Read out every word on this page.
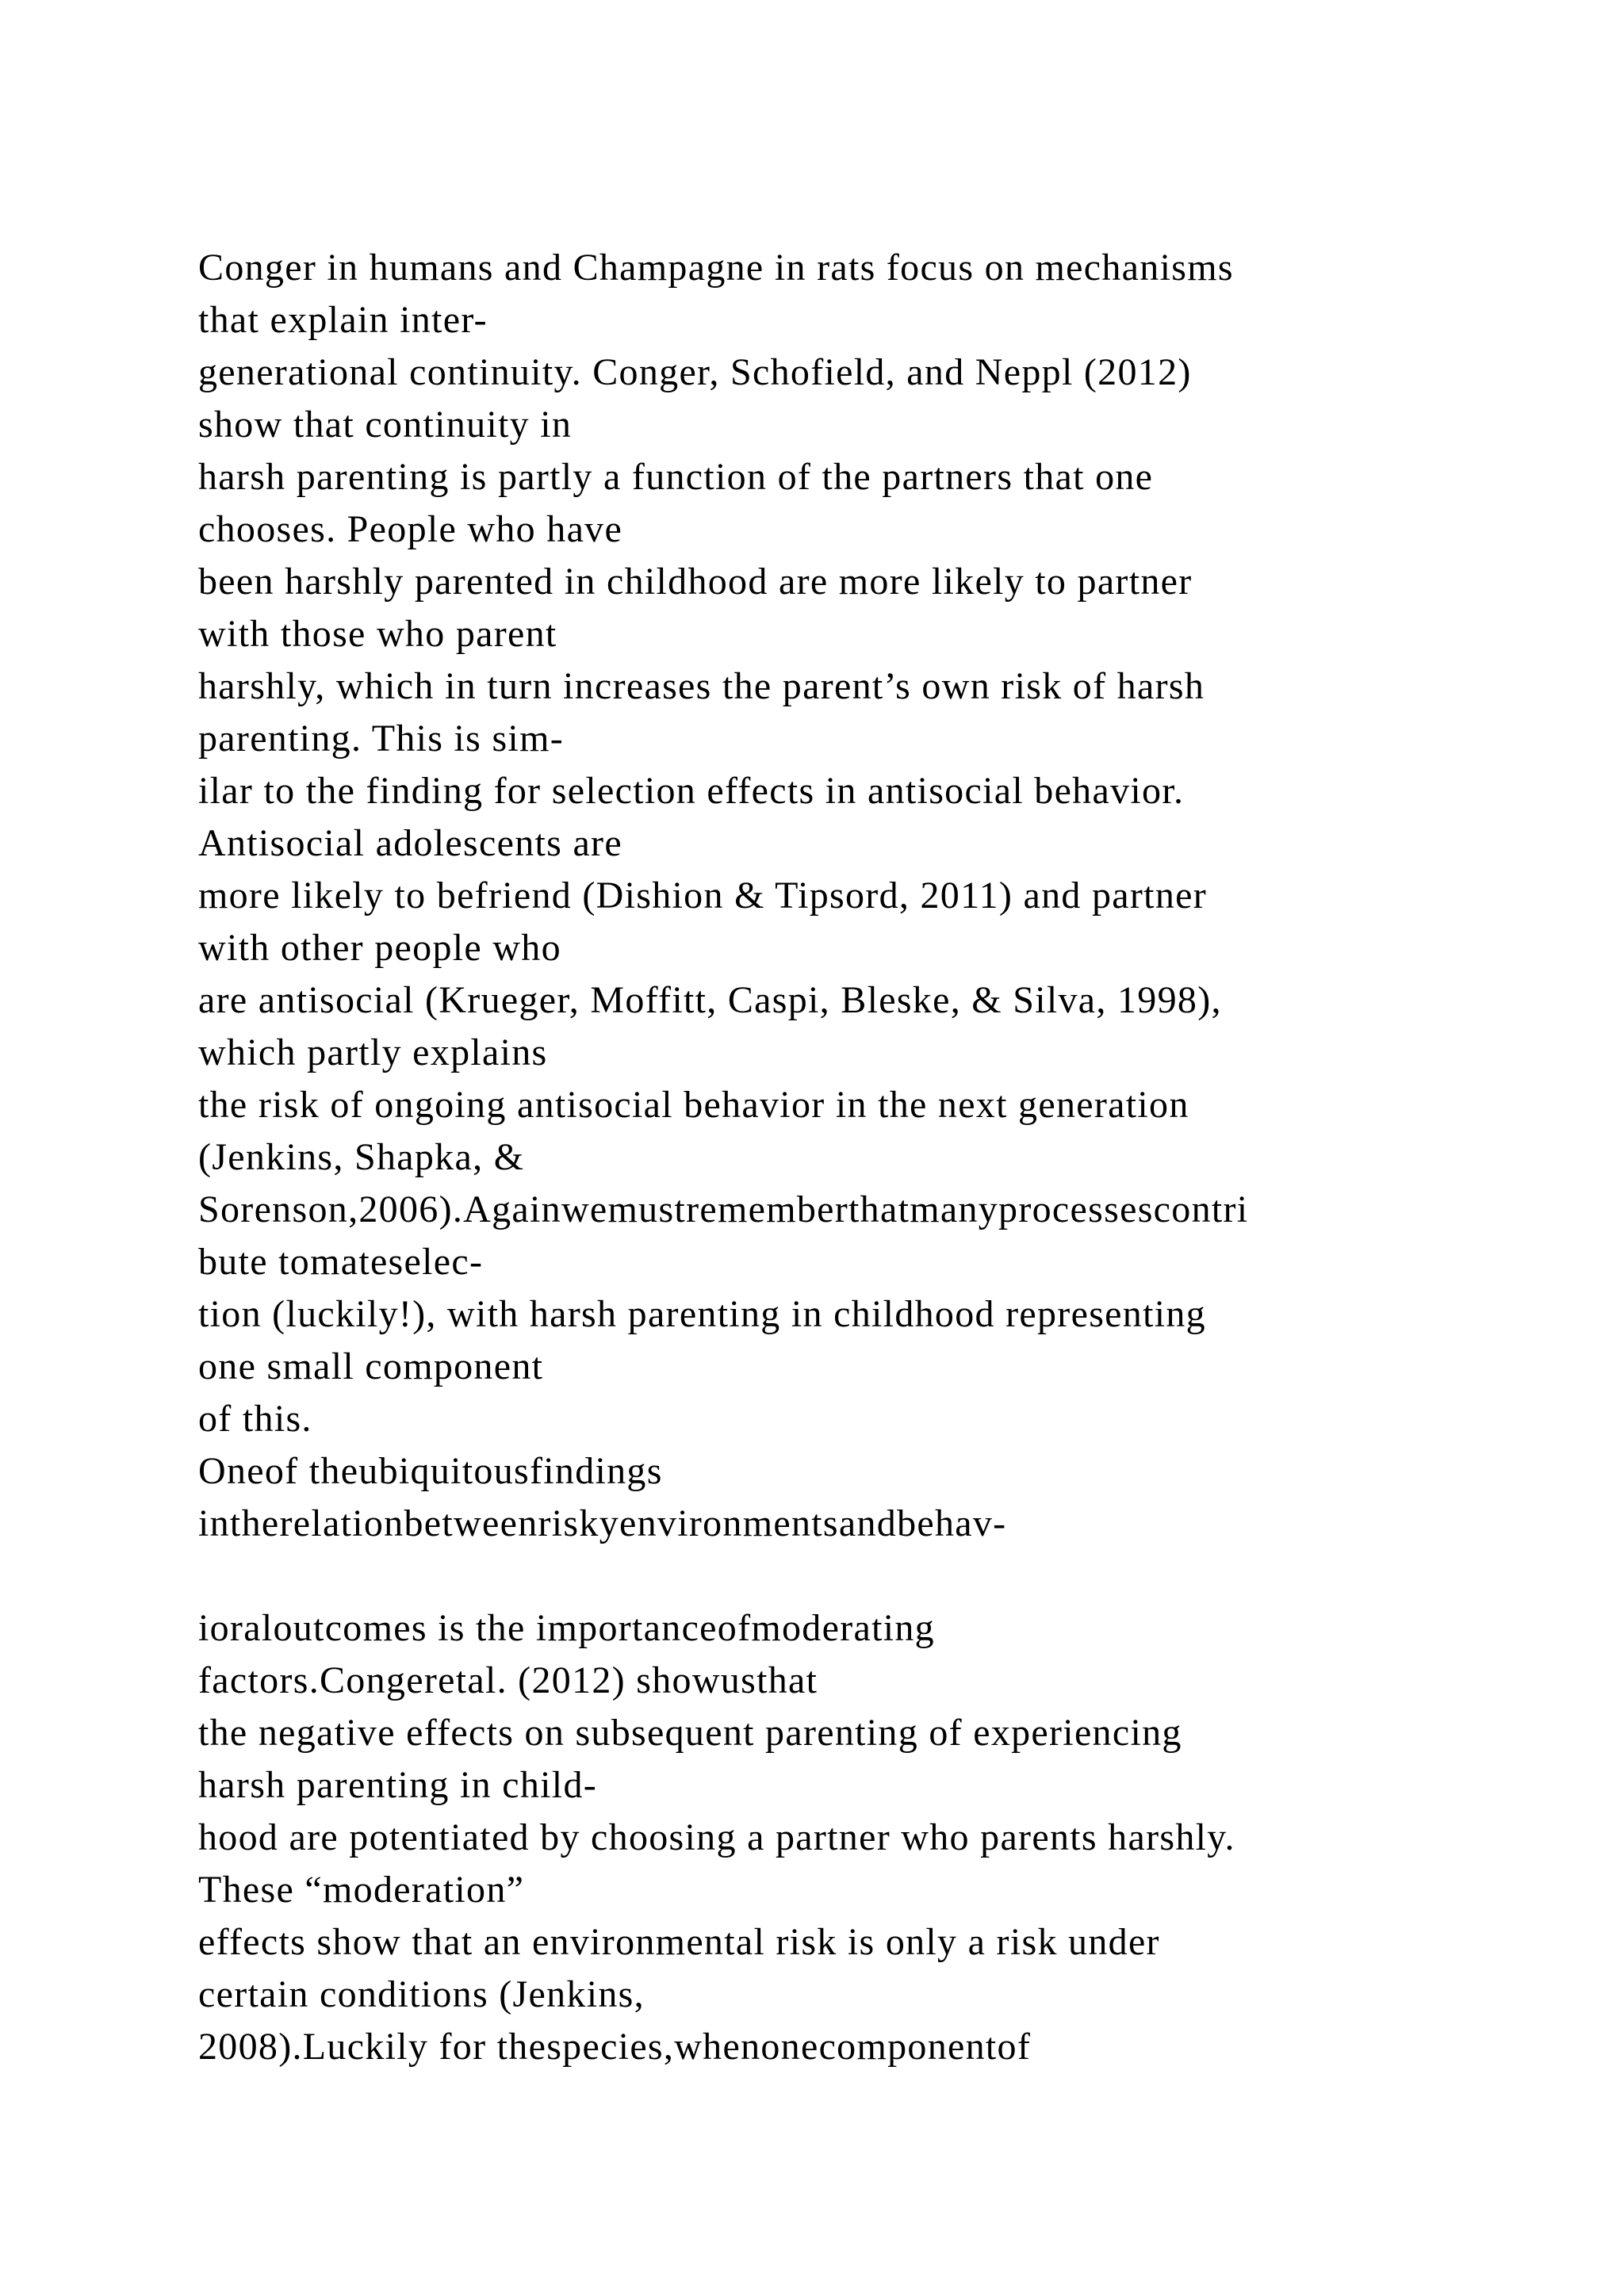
Conger in humans and Champagne in rats focus on mechanisms
that explain inter-
generational continuity. Conger, Schofield, and Neppl (2012)
show that continuity in
harsh parenting is partly a function of the partners that one
chooses. People who have
been harshly parented in childhood are more likely to partner
with those who parent
harshly, which in turn increases the parent’s own risk of harsh
parenting. This is sim-
ilar to the finding for selection effects in antisocial behavior.
Antisocial adolescents are
more likely to befriend (Dishion & Tipsord, 2011) and partner
with other people who
are antisocial (Krueger, Moffitt, Caspi, Bleske, & Silva, 1998),
which partly explains
the risk of ongoing antisocial behavior in the next generation
(Jenkins, Shapka, &
Sorenson,2006).Againwemustrememberthatmanyprocessescontri
bute tomateselec-
tion (luckily!), with harsh parenting in childhood representing
one small component
of this.
Oneof theubiquitousfindings
intherelationbetweenriskyenvironmentsandbehav-
ioraloutcomes is the importanceofmoderating
factors.Congeretal. (2012) showusthat
the negative effects on subsequent parenting of experiencing
harsh parenting in child-
hood are potentiated by choosing a partner who parents harshly.
These “moderation”
effects show that an environmental risk is only a risk under
certain conditions (Jenkins,
2008).Luckily for thespecies,whenonecomponentof
